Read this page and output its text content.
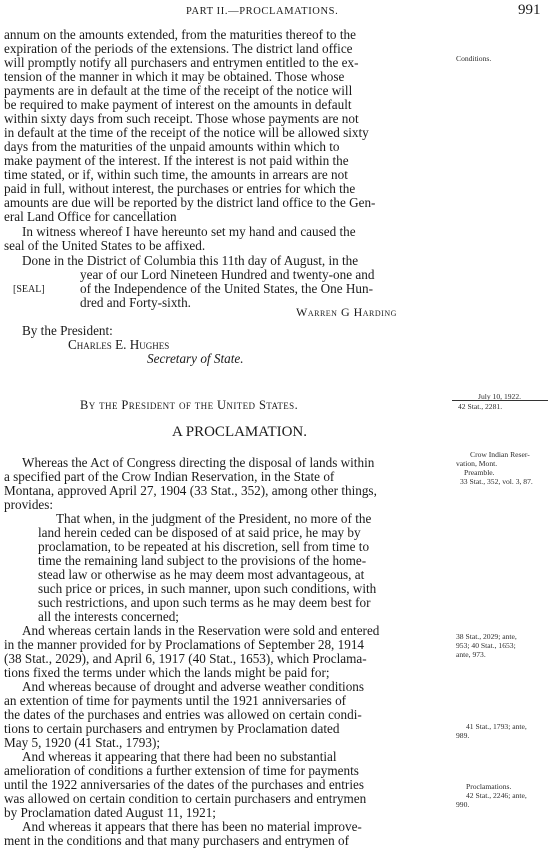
PART II.—PROCLAMATIONS.	991
annum on the amounts extended, from the maturities thereof to the
expiration of the periods of the extensions. The district land office
will promptly notify all purchasers and entrymen entitled to the ex-
tension of the manner in which it may be obtained. Those whose
payments are in default at the time of the receipt of the notice will
be required to make payment of interest on the amounts in default
within sixty days from such receipt. Those whose payments are not
in default at the time of the receipt of the notice will be allowed sixty
days from the maturities of the unpaid amounts within which to
make payment of the interest. If the interest is not paid within the
time stated, or if, within such time, the amounts in arrears are not
paid in full, without interest, the purchases or entries for which the
amounts are due will be reported by the district land office to the Gen-
eral Land Office for cancellation
In witness whereof I have hereunto set my hand and caused the
seal of the United States to be affixed.
Done in the District of Columbia this 11th day of August, in the
year of our Lord Nineteen Hundred and twenty-one and
of the Independence of the United States, the One Hun-
dred and Forty-sixth.
[SEAL]
Warren G Harding
By the President:
Charles E. Hughes
Secretary of State.
Conditions.
July 10, 1922.
42 Stat., 2281.
By the President of the United States.
A PROCLAMATION.
Whereas the Act of Congress directing the disposal of lands within
a specified part of the Crow Indian Reservation, in the State of
Montana, approved April 27, 1904 (33 Stat., 352), among other things,
provides:
That when, in the judgment of the President, no more of the
land herein ceded can be disposed of at said price, he may by
proclamation, to be repeated at his discretion, sell from time to
time the remaining land subject to the provisions of the home-
stead law or otherwise as he may deem most advantageous, at
such price or prices, in such manner, upon such conditions, with
such restrictions, and upon such terms as he may deem best for
all the interests concerned;
And whereas certain lands in the Reservation were sold and entered
in the manner provided for by Proclamations of September 28, 1914
(38 Stat., 2029), and April 6, 1917 (40 Stat., 1653), which Proclama-
tions fixed the terms under which the lands might be paid for;
And whereas because of drought and adverse weather conditions
an extention of time for payments until the 1921 anniversaries of
the dates of the purchases and entries was allowed on certain condi-
tions to certain purchasers and entrymen by Proclamation dated
May 5, 1920 (41 Stat., 1793);
And whereas it appearing that there had been no substantial
amelioration of conditions a further extension of time for payments
until the 1922 anniversaries of the dates of the purchases and entries
was allowed on certain condition to certain purchasers and entrymen
by Proclamation dated August 11, 1921;
And whereas it appears that there has been no material improve-
ment in the conditions and that many purchasers and entrymen of
Crow Indian Reser-
vation, Mont.
Preamble.
33 Stat., 352, vol. 3, 87.
38 Stat., 2029; ante,
953; 40 Stat., 1653;
ante, 973.
41 Stat., 1793; ante,
989.
Proclamations.
42 Stat., 2246; ante,
990.
